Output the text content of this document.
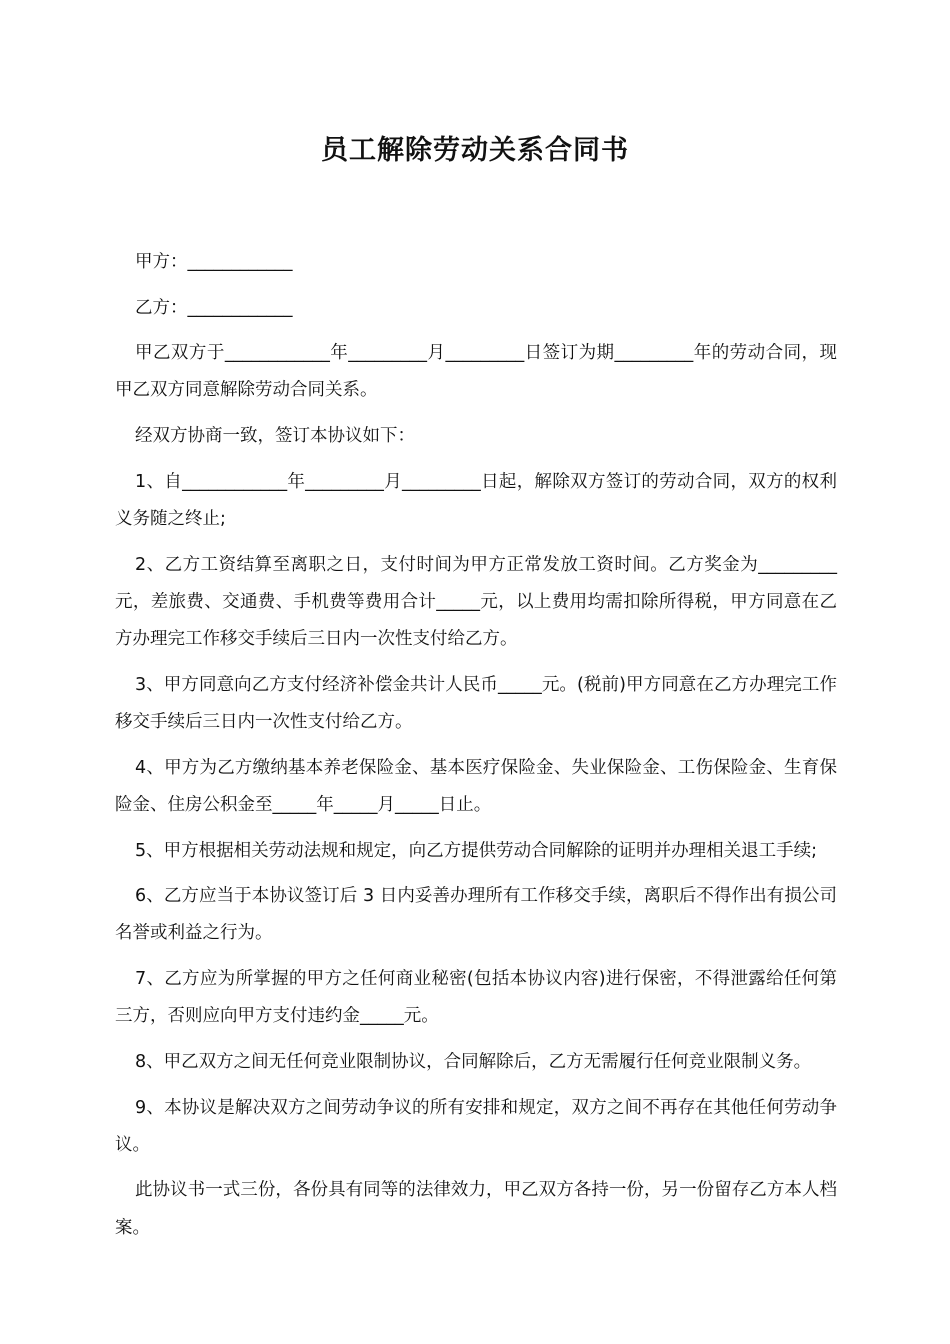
员工解除劳动关系合同书

甲方：____________

乙方：____________

甲乙双方于____________年_________月_________日签订为期_________年的劳动合同，现甲乙双方同意解除劳动合同关系。

经双方协商一致，签订本协议如下：

1、自____________年_________月_________日起，解除双方签订的劳动合同，双方的权利义务随之终止;

2、乙方工资结算至离职之日，支付时间为甲方正常发放工资时间。乙方奖金为_________元，差旅费、交通费、手机费等费用合计_____元，以上费用均需扣除所得税，甲方同意在乙方办理完工作移交手续后三日内一次性支付给乙方。

3、甲方同意向乙方支付经济补偿金共计人民币_____元。(税前)甲方同意在乙方办理完工作移交手续后三日内一次性支付给乙方。

4、甲方为乙方缴纳基本养老保险金、基本医疗保险金、失业保险金、工伤保险金、生育保险金、住房公积金至_____年_____月_____日止。

5、甲方根据相关劳动法规和规定，向乙方提供劳动合同解除的证明并办理相关退工手续;

6、乙方应当于本协议签订后 3 日内妥善办理所有工作移交手续，离职后不得作出有损公司名誉或利益之行为。

7、乙方应为所掌握的甲方之任何商业秘密(包括本协议内容)进行保密，不得泄露给任何第三方，否则应向甲方支付违约金_____元。

8、甲乙双方之间无任何竞业限制协议，合同解除后，乙方无需履行任何竞业限制义务。

9、本协议是解决双方之间劳动争议的所有安排和规定，双方之间不再存在其他任何劳动争议。

此协议书一式三份，各份具有同等的法律效力，甲乙双方各持一份，另一份留存乙方本人档案。
